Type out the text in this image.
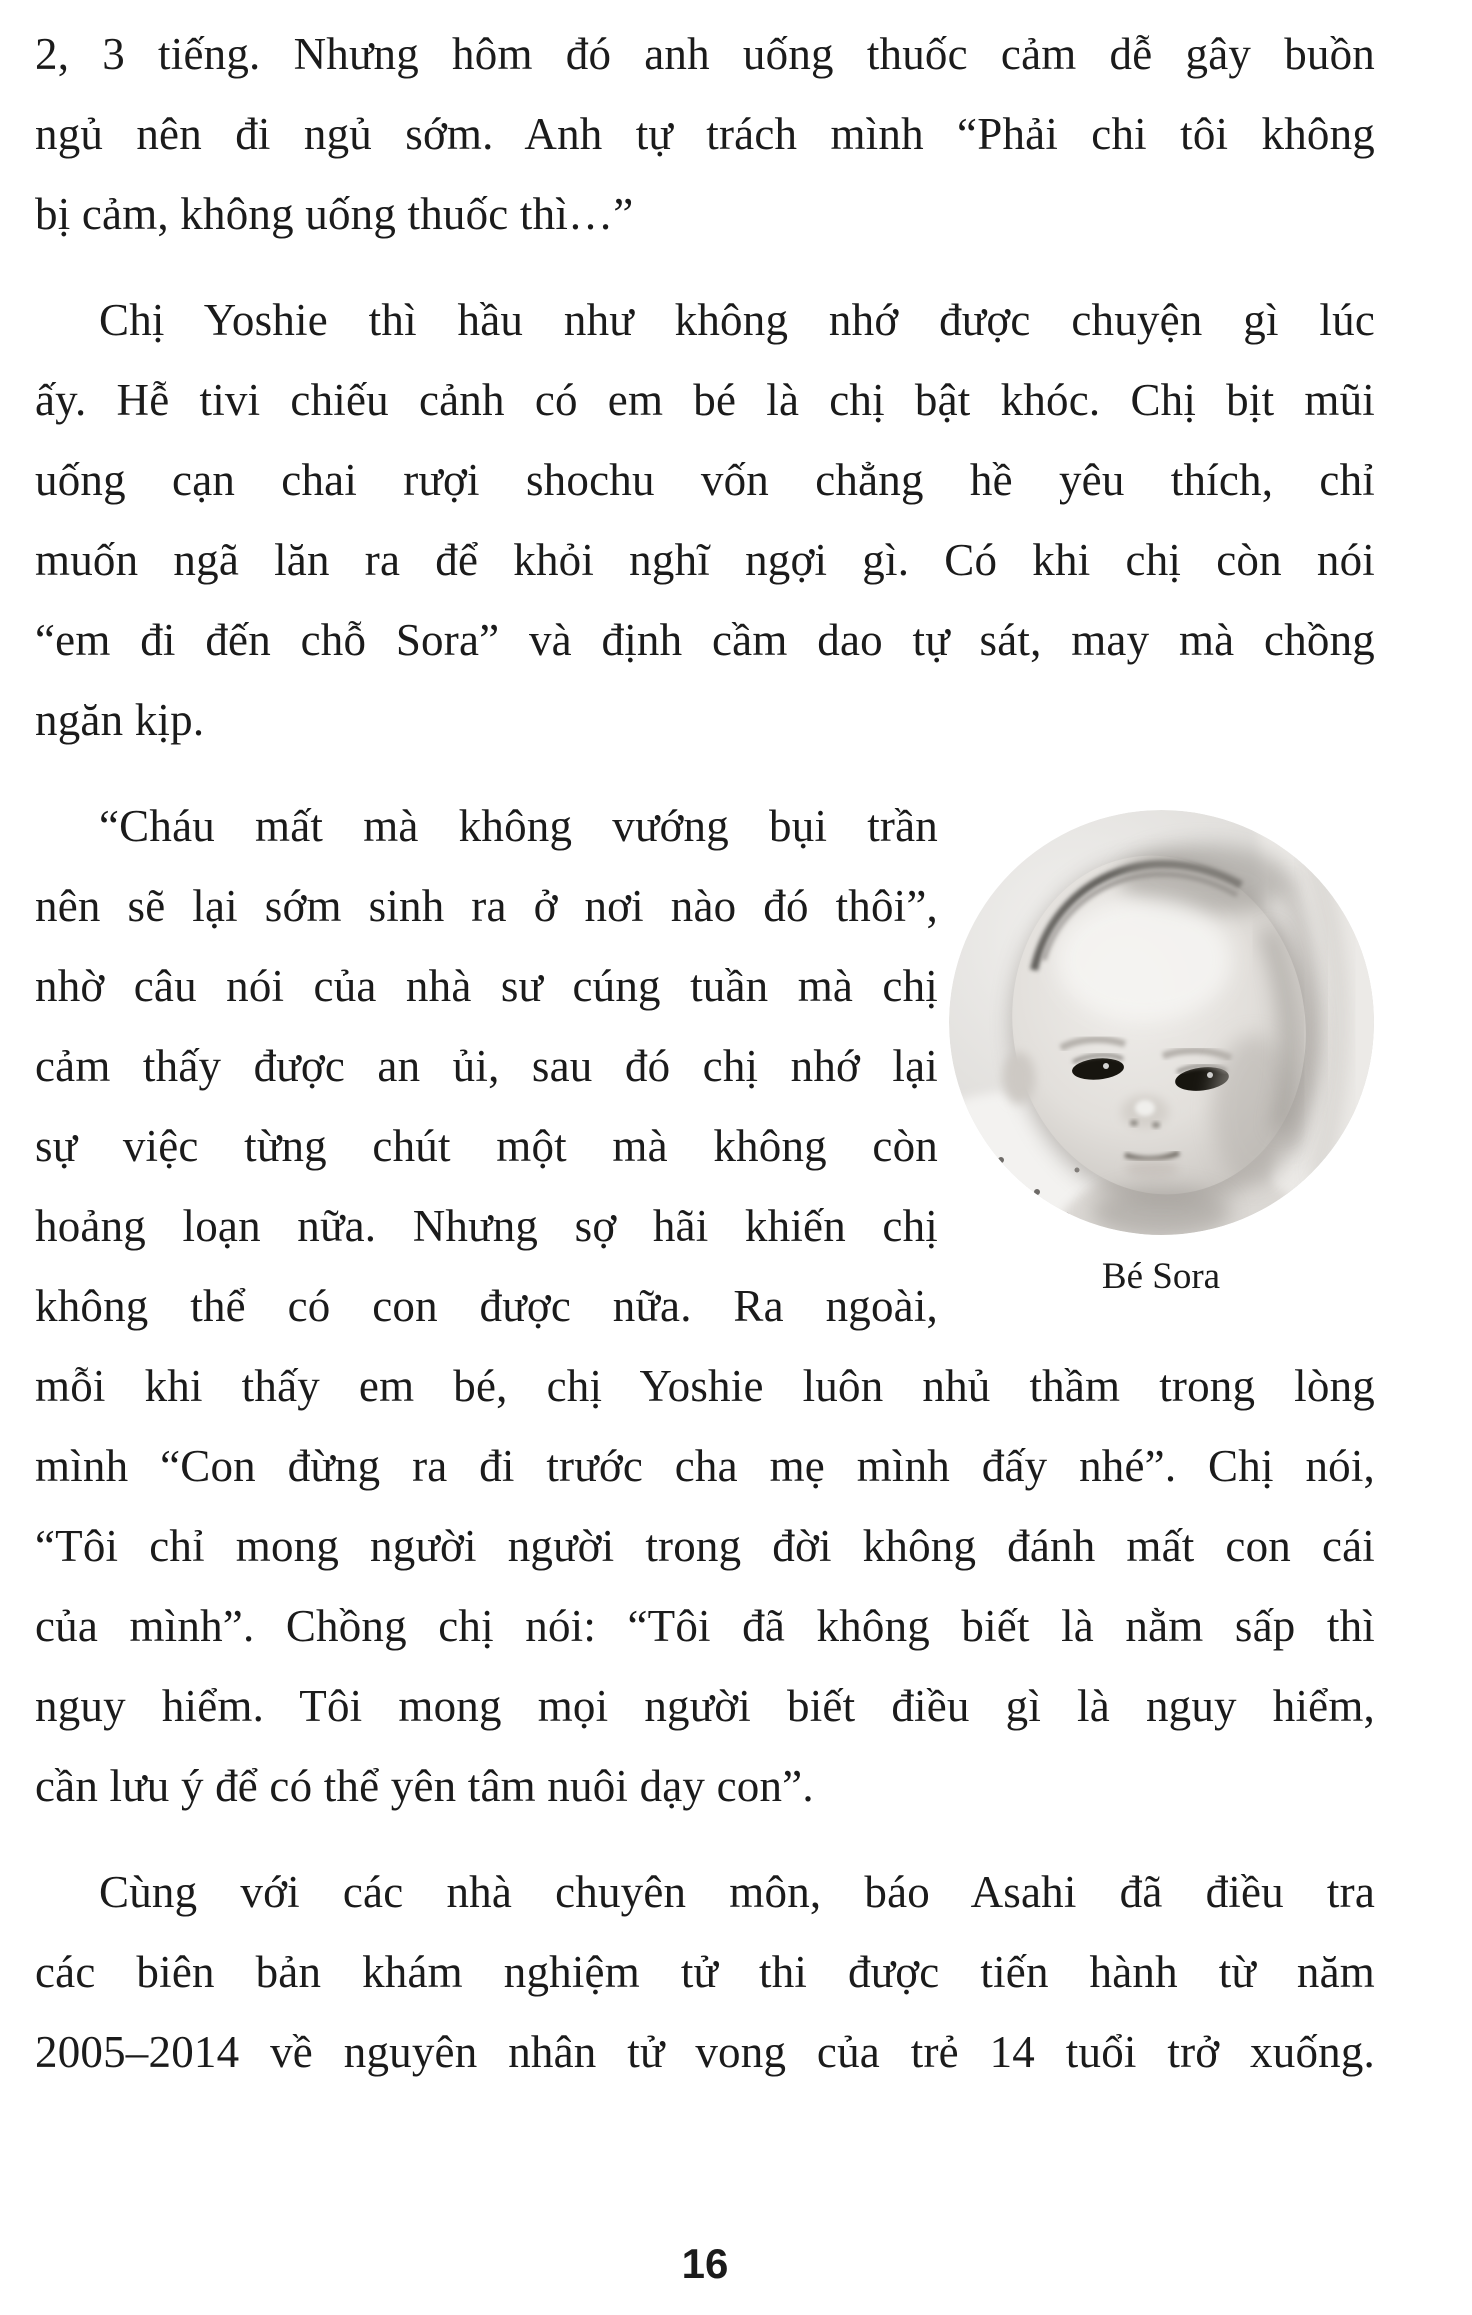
2, 3 tiếng. Nhưng hôm đó anh uống thuốc cảm dễ gây buồn
ngủ nên đi ngủ sớm. Anh tự trách mình “Phải chi tôi không
bị cảm, không uống thuốc thì…”
Chị Yoshie thì hầu như không nhớ được chuyện gì lúc
ấy. Hễ tivi chiếu cảnh có em bé là chị bật khóc. Chị bịt mũi
uống cạn chai rượi shochu vốn chẳng hề yêu thích, chỉ
muốn ngã lăn ra để khỏi nghĩ ngợi gì. Có khi chị còn nói
“em đi đến chỗ Sora” và định cầm dao tự sát, may mà chồng
ngăn kịp.
Bé Sora
“Cháu mất mà không vướng bụi trần
nên sẽ lại sớm sinh ra ở nơi nào đó thôi”,
nhờ câu nói của nhà sư cúng tuần mà chị
cảm thấy được an ủi, sau đó chị nhớ lại
sự việc từng chút một mà không còn
hoảng loạn nữa. Nhưng sợ hãi khiến chị
không thể có con được nữa. Ra ngoài,
mỗi khi thấy em bé, chị Yoshie luôn nhủ thầm trong lòng
mình “Con đừng ra đi trước cha mẹ mình đấy nhé”. Chị nói,
“Tôi chỉ mong người người trong đời không đánh mất con cái
của mình”. Chồng chị nói: “Tôi đã không biết là nằm sấp thì
nguy hiểm. Tôi mong mọi người biết điều gì là nguy hiểm,
cần lưu ý để có thể yên tâm nuôi dạy con”.
Cùng với các nhà chuyên môn, báo Asahi đã điều tra
các biên bản khám nghiệm tử thi được tiến hành từ năm
2005–2014 về nguyên nhân tử vong của trẻ 14 tuổi trở xuống.
16
